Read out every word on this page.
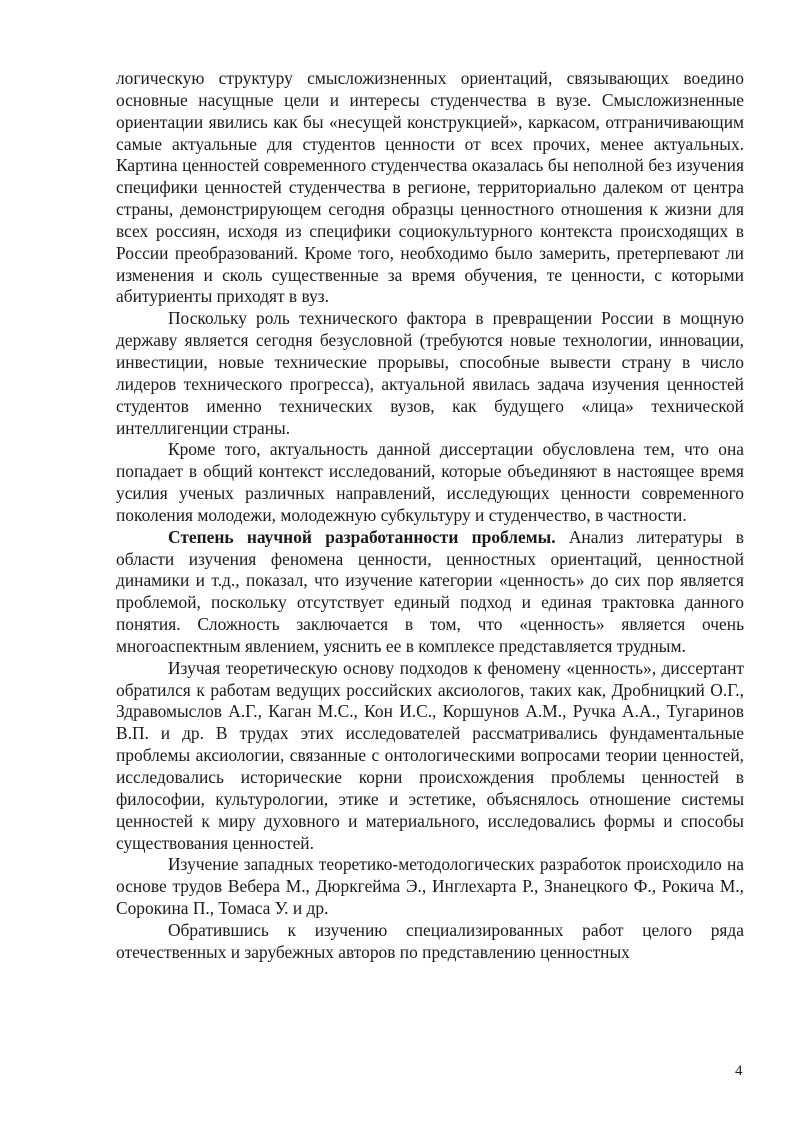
логическую структуру смысложизненных ориентаций, связывающих воедино основные насущные цели и интересы студенчества в вузе. Смысложизненные ориентации явились как бы «несущей конструкцией», каркасом, отграничивающим самые актуальные для студентов ценности от всех прочих, менее актуальных. Картина ценностей современного студенчества оказалась бы неполной без изучения специфики ценностей студенчества в регионе, территориально далеком от центра страны, демонстрирующем сегодня образцы ценностного отношения к жизни для всех россиян, исходя из специфики социокультурного контекста происходящих в России преобразований. Кроме того, необходимо было замерить, претерпевают ли изменения и сколь существенные за время обучения, те ценности, с которыми абитуриенты приходят в вуз.

Поскольку роль технического фактора в превращении России в мощную державу является сегодня безусловной (требуются новые технологии, инновации, инвестиции, новые технические прорывы, способные вывести страну в число лидеров технического прогресса), актуальной явилась задача изучения ценностей студентов именно технических вузов, как будущего «лица» технической интеллигенции страны.

Кроме того, актуальность данной диссертации обусловлена тем, что она попадает в общий контекст исследований, которые объединяют в настоящее время усилия ученых различных направлений, исследующих ценности современного поколения молодежи, молодежную субкультуру и студенчество, в частности.

Степень научной разработанности проблемы. Анализ литературы в области изучения феномена ценности, ценностных ориентаций, ценностной динамики и т.д., показал, что изучение категории «ценность» до сих пор является проблемой, поскольку отсутствует единый подход и единая трактовка данного понятия. Сложность заключается в том, что «ценность» является очень многоаспектным явлением, уяснить ее в комплексе представляется трудным.

Изучая теоретическую основу подходов к феномену «ценность», диссертант обратился к работам ведущих российских аксиологов, таких как, Дробницкий О.Г., Здравомыслов А.Г., Каган М.С., Кон И.С., Коршунов А.М., Ручка А.А., Тугаринов В.П. и др. В трудах этих исследователей рассматривались фундаментальные проблемы аксиологии, связанные с онтологическими вопросами теории ценностей, исследовались исторические корни происхождения проблемы ценностей в философии, культурологии, этике и эстетике, объяснялось отношение системы ценностей к миру духовного и материального, исследовались формы и способы существования ценностей.

Изучение западных теоретико-методологических разработок происходило на основе трудов Вебера М., Дюркгейма Э., Инглехарта Р., Знанецкого Ф., Рокича М., Сорокина П., Томаса У. и др.

Обратившись к изучению специализированных работ целого ряда отечественных и зарубежных авторов по представлению ценностных

4
